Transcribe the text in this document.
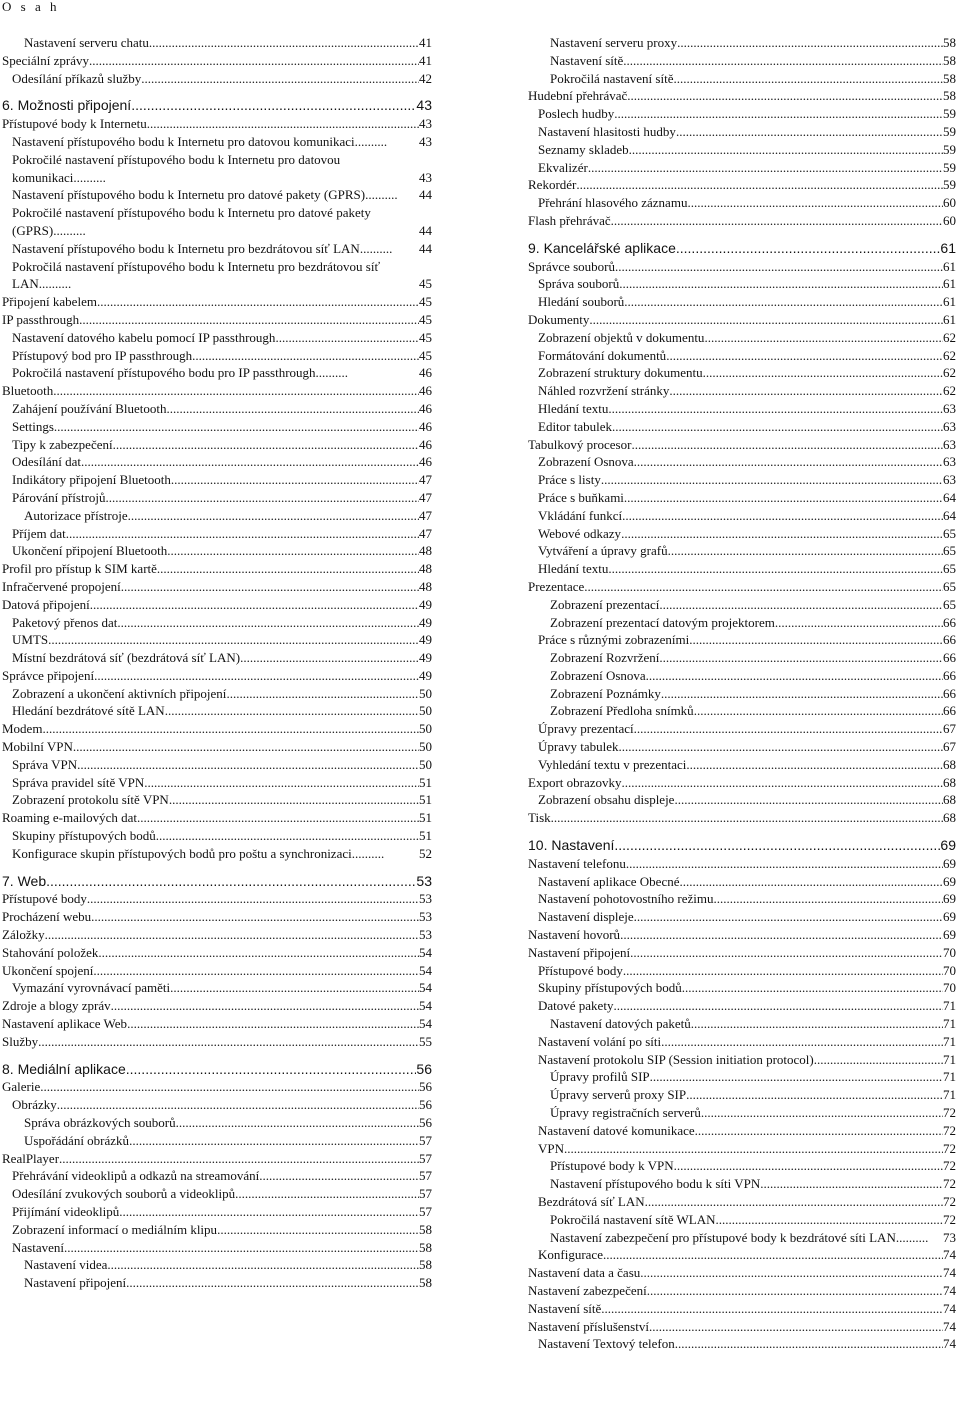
O s a h
Nastavení serveru chatu .....	41
Speciální zprávy .....	41
Odesílání příkazů služby .....	42
6. Možnosti připojení .....	43
Přístupové body k Internetu .....	43
Nastavení přístupového bodu k Internetu pro datovou komunikaci.......... 43
Pokročilé nastavení přístupového bodu k Internetu pro datovou komunikaci..........	43
Nastavení přístupového bodu k Internetu pro datové pakety (GPRS).......... 44
Pokročilé nastavení přístupového bodu k Internetu pro datové pakety (GPRS)..........	44
Nastavení přístupového bodu k Internetu pro bezdrátovou síť LAN.......... 44
Pokročilá nastavení přístupového bodu k Internetu pro bezdrátovou síť LAN..........	45
Připojení kabelem .....	45
IP passthrough .....	45
Nastavení datového kabelu pomocí IP passthrough .....	45
Přístupový bod pro IP passthrough .....	45
Pokročilá nastavení přístupového bodu pro IP passthrough..........	46
Bluetooth .....	46
Zahájení používání Bluetooth .....	46
Settings .....	46
Tipy k zabezpečení .....	46
Odesílání dat .....	46
Indikátory připojení Bluetooth .....	47
Párování přístrojů .....	47
Autorizace přístroje .....	47
Příjem dat .....	47
Ukončení připojení Bluetooth .....	48
Profil pro přístup k SIM kartě .....	48
Infračervené propojení .....	48
Datová připojení .....	49
Paketový přenos dat .....	49
UMTS .....	49
Místní bezdrátová síť (bezdrátová síť LAN) .....	49
Správce připojení .....	49
Zobrazení a ukončení aktivních připojení .....	50
Hledání bezdrátové sítě LAN .....	50
Modem .....	50
Mobilní VPN .....	50
Správa VPN .....	50
Správa pravidel sítě VPN .....	51
Zobrazení protokolu sítě VPN .....	51
Roaming e-mailových dat .....	51
Skupiny přístupových bodů .....	51
Konfigurace skupin přístupových bodů pro poštu a synchronizaci..........	52
7. Web .....	53
Přístupové body .....	53
Procházení webu .....	53
Záložky .....	53
Stahování položek .....	54
Ukončení spojení .....	54
Vymazání vyrovnávací paměti .....	54
Zdroje a blogy zpráv .....	54
Nastavení aplikace Web .....	54
Služby .....	55
8. Mediální aplikace .....	56
Galerie .....	56
Obrázky .....	56
Správa obrázkových souborů .....	56
Uspořádání obrázků .....	57
RealPlayer .....	57
Přehrávání videoklipů a odkazů na streamování .....	57
Odesílání zvukových souborů a videoklipů .....	57
Přijímání videoklipů .....	57
Zobrazení informací o mediálním klipu .....	58
Nastavení .....	58
Nastavení videa .....	58
Nastavení připojení .....	58
Nastavení serveru proxy .....	58
Nastavení sítě .....	58
Pokročilá nastavení sítě .....	58
Hudební přehrávač .....	58
Poslech hudby .....	59
Nastavení hlasitosti hudby .....	59
Seznamy skladeb .....	59
Ekvalizér .....	59
Rekordér .....	59
Přehrání hlasového záznamu .....	60
Flash přehrávač .....	60
9. Kancelářské aplikace .....	61
Správce souborů .....	61
Správa souborů .....	61
Hledání souborů .....	61
Dokumenty .....	61
Zobrazení objektů v dokumentu .....	62
Formátování dokumentů .....	62
Zobrazení struktury dokumentu .....	62
Náhled rozvržení stránky .....	62
Hledání textu .....	63
Editor tabulek .....	63
Tabulkový procesor .....	63
Zobrazení Osnova .....	63
Práce s listy .....	63
Práce s buňkami .....	64
Vkládání funkcí .....	64
Webové odkazy .....	65
Vytváření a úpravy grafů .....	65
Hledání textu .....	65
Prezentace .....	65
Zobrazení prezentací .....	65
Zobrazení prezentací datovým projektorem .....	66
Práce s různými zobrazeními .....	66
Zobrazení Rozvržení .....	66
Zobrazení Osnova .....	66
Zobrazení Poznámky .....	66
Zobrazení Předloha snímků .....	66
Úpravy prezentací .....	67
Úpravy tabulek .....	67
Vyhledání textu v prezentaci .....	68
Export obrazovky .....	68
Zobrazení obsahu displeje .....	68
Tisk .....	68
10. Nastavení .....	69
Nastavení telefonu .....	69
Nastavení aplikace Obecné .....	69
Nastavení pohotovostního režimu .....	69
Nastavení displeje .....	69
Nastavení hovorů .....	69
Nastavení připojení .....	70
Přístupové body .....	70
Skupiny přístupových bodů .....	70
Datové pakety .....	71
Nastavení datových paketů .....	71
Nastavení volání po síti .....	71
Nastavení protokolu SIP (Session initiation protocol) .....	71
Úpravy profilů SIP .....	71
Úpravy serverů proxy SIP .....	71
Úpravy registračních serverů .....	72
Nastavení datové komunikace .....	72
VPN .....	72
Přístupové body k VPN .....	72
Nastavení přístupového bodu k síti VPN .....	72
Bezdrátová síť LAN .....	72
Pokročilá nastavení sítě WLAN .....	72
Nastavení zabezpečení pro přístupové body k bezdrátové síti LAN.......... 73
Konfigurace .....	74
Nastavení data a času .....	74
Nastavení zabezpečení .....	74
Nastavení sítě .....	74
Nastavení příslušenství .....	74
Nastavení Textový telefon .....	74
